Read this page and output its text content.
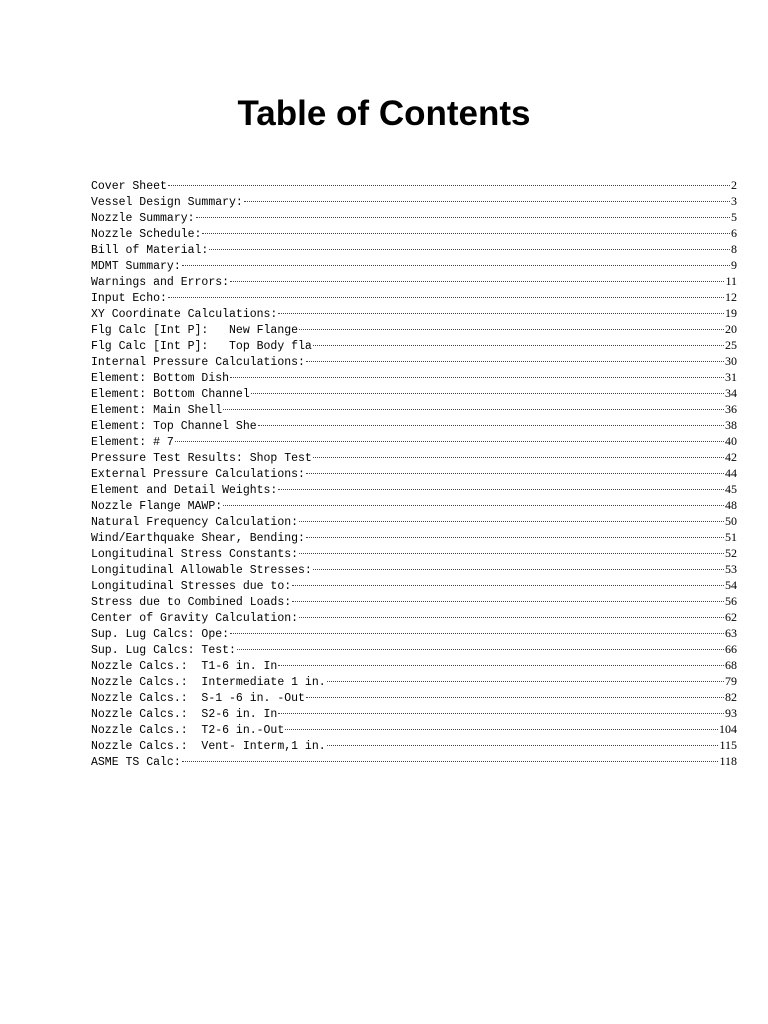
Table of Contents
Cover Sheet	2
Vessel Design Summary:	3
Nozzle Summary:	5
Nozzle Schedule:	6
Bill of Material:	8
MDMT Summary:	9
Warnings and Errors:	11
Input Echo:	12
XY Coordinate Calculations:	19
Flg Calc [Int P]:   New Flange	20
Flg Calc [Int P]:   Top Body fla	25
Internal Pressure Calculations:	30
Element: Bottom Dish	31
Element: Bottom Channel	34
Element: Main Shell	36
Element: Top Channel She	38
Element: # 7	40
Pressure Test Results: Shop Test	42
External Pressure Calculations:	44
Element and Detail Weights:	45
Nozzle Flange MAWP:	48
Natural Frequency Calculation:	50
Wind/Earthquake Shear, Bending:	51
Longitudinal Stress Constants:	52
Longitudinal Allowable Stresses:	53
Longitudinal Stresses due to:	54
Stress due to Combined Loads:	56
Center of Gravity Calculation:	62
Sup. Lug Calcs: Ope:	63
Sup. Lug Calcs: Test:	66
Nozzle Calcs.:  T1-6 in. In	68
Nozzle Calcs.:  Intermediate 1 in.	79
Nozzle Calcs.:  S-1 -6 in. -Out	82
Nozzle Calcs.:  S2-6 in. In	93
Nozzle Calcs.:  T2-6 in.-Out	104
Nozzle Calcs.:  Vent- Interm,1 in.	115
ASME TS Calc:	118
